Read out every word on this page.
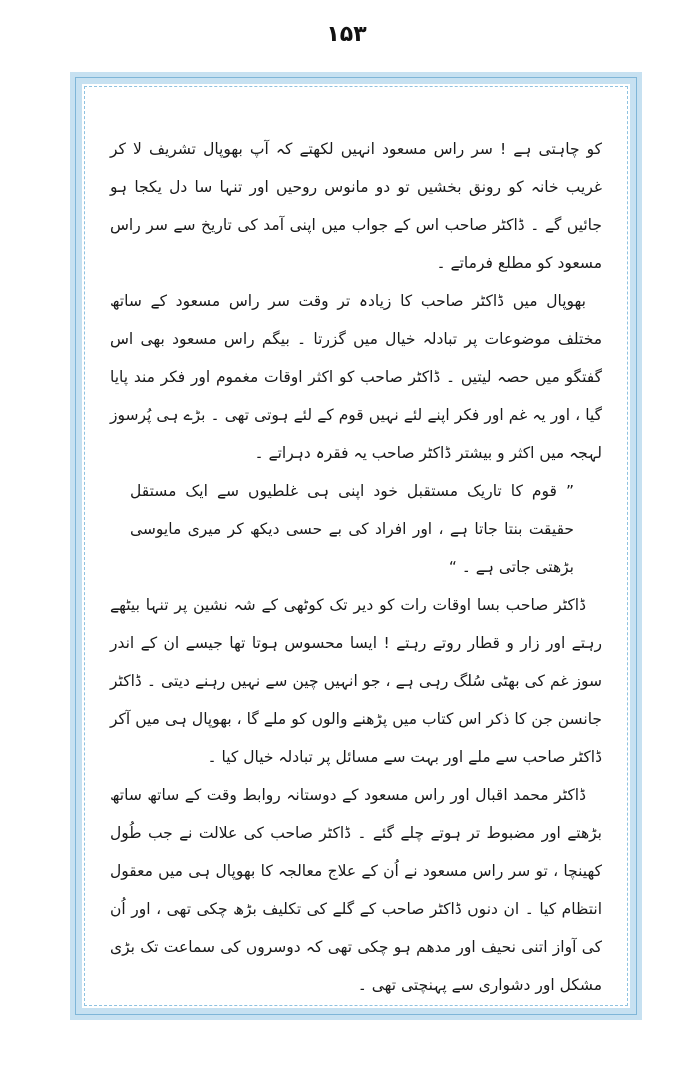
۱۵۳

کو چاہتی ہے ! سر راس مسعود انہیں لکھتے کہ آپ بھوپال تشریف لا کر غریب خانہ کو رونق بخشیں تو دو مانوس روحیں اور تنہا سا دل یکجا ہو جائیں گے ۔ ڈاکٹر صاحب اس کے جواب میں اپنی آمد کی تاریخ سے سر راس مسعود کو مطلع فرماتے ۔

بھوپال میں ڈاکٹر صاحب کا زیادہ تر وقت سر راس مسعود کے ساتھ مختلف موضوعات پر تبادلہ خیال میں گزرتا ۔ بیگم راس مسعود بھی اس گفتگو میں حصہ لیتیں ۔ ڈاکٹر صاحب کو اکثر اوقات مغموم اور فکر مند پایا گیا ، اور یہ غم اور فکر اپنے لئے نہیں قوم کے لئے ہوتی تھی ۔ بڑے ہی پُرسوز لہجہ میں اکثر و بیشتر ڈاکٹر صاحب یہ فقرہ دہراتے ۔

” قوم کا تاریک مستقبل خود اپنی ہی غلطیوں سے ایک مستقل حقیقت بنتا جاتا ہے ، اور افراد کی بے حسی دیکھ کر میری مایوسی بڑھتی جاتی ہے ۔ “

ڈاکٹر صاحب بسا اوقات رات کو دیر تک کوٹھی کے شہ نشین پر تنہا بیٹھے رہتے اور زار و قطار روتے رہتے ! ایسا محسوس ہوتا تھا جیسے ان کے اندر سوز غم کی بھٹی سُلگ رہی ہے ، جو انہیں چین سے نہیں رہنے دیتی ۔ ڈاکٹر جانسن جن کا ذکر اس کتاب میں پڑھنے والوں کو ملے گا ، بھوپال ہی میں آکر ڈاکٹر صاحب سے ملے اور بہت سے مسائل پر تبادلہ خیال کیا ۔

ڈاکٹر محمد اقبال اور راس مسعود کے دوستانہ روابط وقت کے ساتھ ساتھ بڑھتے اور مضبوط تر ہوتے چلے گئے ۔ ڈاکٹر صاحب کی علالت نے جب طُول کھینچا ، تو سر راس مسعود نے اُن کے علاج معالجہ کا بھوپال ہی میں معقول انتظام کیا ۔ ان دنوں ڈاکٹر صاحب کے گلے کی تکلیف بڑھ چکی تھی ، اور اُن کی آواز اتنی نحیف اور مدھم ہو چکی تھی کہ دوسروں کی سماعت تک بڑی مشکل اور دشواری سے پہنچتی تھی ۔
